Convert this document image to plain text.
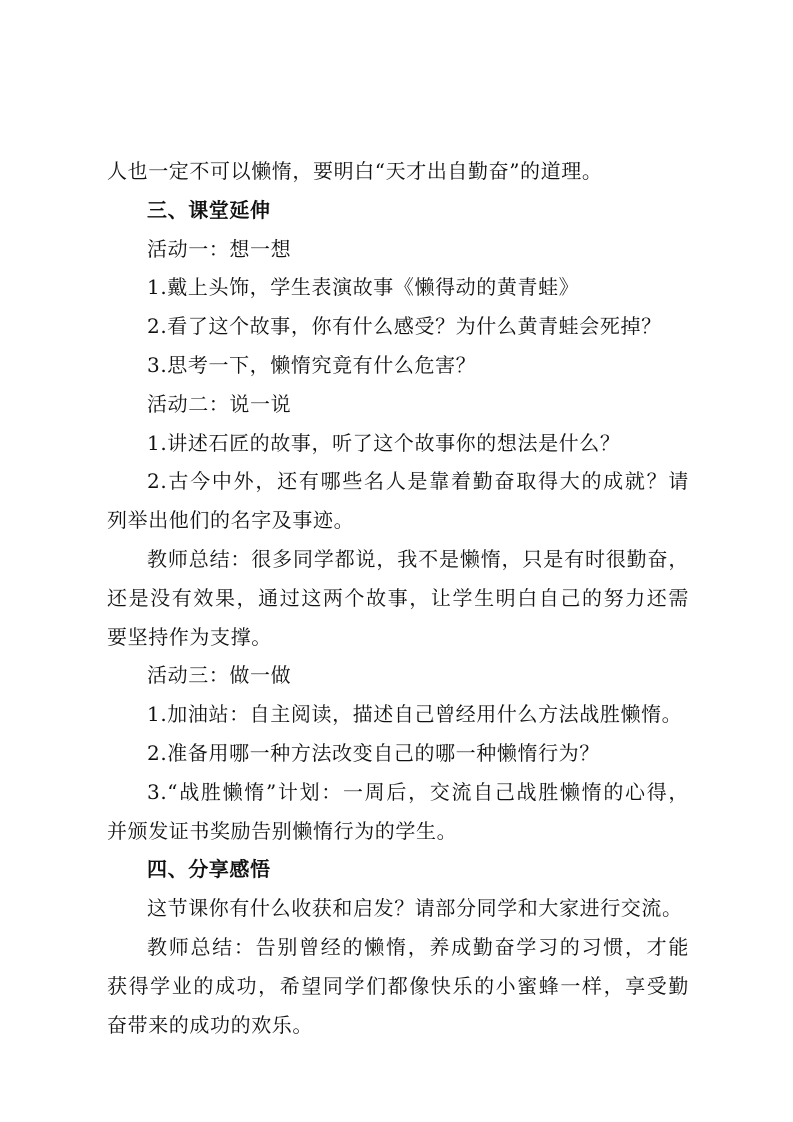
人也一定不可以懒惰，要明白“天才出自勤奋”的道理。
三、课堂延伸
活动一：想一想
1.戴上头饰，学生表演故事《懒得动的黄青蛙》
2.看了这个故事，你有什么感受？为什么黄青蛙会死掉？
3.思考一下，懒惰究竟有什么危害？
活动二：说一说
1.讲述石匠的故事，听了这个故事你的想法是什么？
2.古今中外，还有哪些名人是靠着勤奋取得大的成就？请
列举出他们的名字及事迹。
教师总结：很多同学都说，我不是懒惰，只是有时很勤奋，
还是没有效果，通过这两个故事，让学生明白自己的努力还需
要坚持作为支撑。
活动三：做一做
1.加油站：自主阅读，描述自己曾经用什么方法战胜懒惰。
2.准备用哪一种方法改变自己的哪一种懒惰行为？
3.“战胜懒惰”计划：一周后，交流自己战胜懒惰的心得，
并颁发证书奖励告别懒惰行为的学生。
四、分享感悟
这节课你有什么收获和启发？请部分同学和大家进行交流。
教师总结：告别曾经的懒惰，养成勤奋学习的习惯，才能
获得学业的成功，希望同学们都像快乐的小蜜蜂一样，享受勤
奋带来的成功的欢乐。
